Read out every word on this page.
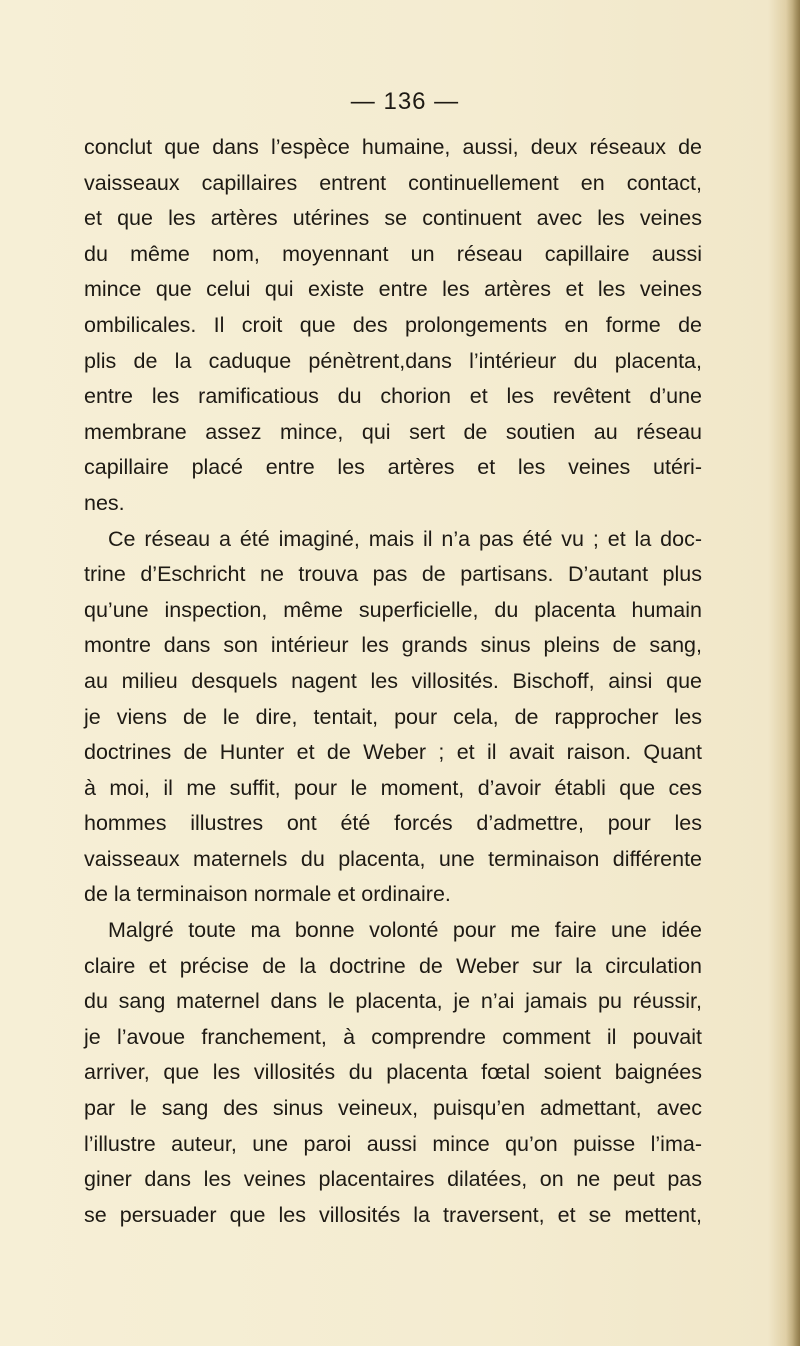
— 136 —
conclut que dans l’espèce humaine, aussi, deux réseaux de
vaisseaux capillaires entrent continuellement en contact,
et que les artères utérines se continuent avec les veines
du même nom, moyennant un réseau capillaire aussi
mince que celui qui existe entre les artères et les veines
ombilicales. Il croit que des prolongements en forme de
plis de la caduque pénètrent,dans l’intérieur du placenta,
entre les ramificatious du chorion et les revêtent d’une
membrane assez mince, qui sert de soutien au réseau
capillaire placé entre les artères et les veines utéri-
nes.
Ce réseau a été imaginé, mais il n’a pas été vu ; et la doc-
trine d’Eschricht ne trouva pas de partisans. D’autant plus
qu’une inspection, même superficielle, du placenta humain
montre dans son intérieur les grands sinus pleins de sang,
au milieu desquels nagent les villosités. Bischoff, ainsi que
je viens de le dire, tentait, pour cela, de rapprocher les
doctrines de Hunter et de Weber ; et il avait raison. Quant
à moi, il me suffit, pour le moment, d’avoir établi que ces
hommes illustres ont été forcés d’admettre, pour les
vaisseaux maternels du placenta, une terminaison différente
de la terminaison normale et ordinaire.
Malgré toute ma bonne volonté pour me faire une idée
claire et précise de la doctrine de Weber sur la circulation
du sang maternel dans le placenta, je n’ai jamais pu réussir,
je l’avoue franchement, à comprendre comment il pouvait
arriver, que les villosités du placenta fœtal soient baignées
par le sang des sinus veineux, puisqu’en admettant, avec
l’illustre auteur, une paroi aussi mince qu’on puisse l’ima-
giner dans les veines placentaires dilatées, on ne peut pas
se persuader que les villosités la traversent, et se mettent,
